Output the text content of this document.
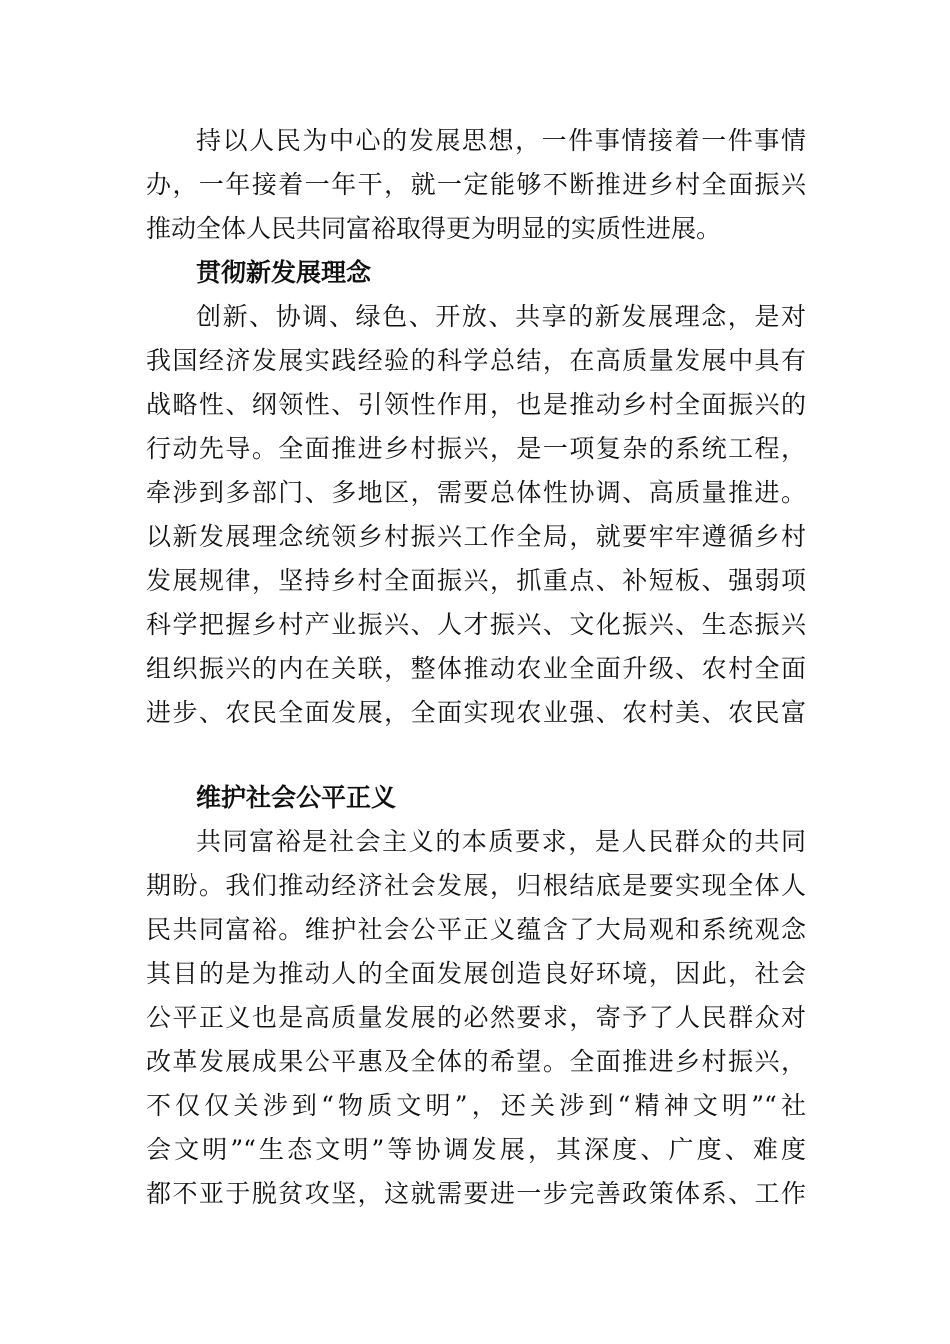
持以人民为中心的发展思想，一件事情接着一件事情
办，一年接着一年干，就一定能够不断推进乡村全面振兴
推动全体人民共同富裕取得更为明显的实质性进展。
贯彻新发展理念
创新、协调、绿色、开放、共享的新发展理念，是对
我国经济发展实践经验的科学总结，在高质量发展中具有
战略性、纲领性、引领性作用，也是推动乡村全面振兴的
行动先导。全面推进乡村振兴，是一项复杂的系统工程，
牵涉到多部门、多地区，需要总体性协调、高质量推进。
以新发展理念统领乡村振兴工作全局，就要牢牢遵循乡村
发展规律，坚持乡村全面振兴，抓重点、补短板、强弱项
科学把握乡村产业振兴、人才振兴、文化振兴、生态振兴
组织振兴的内在关联，整体推动农业全面升级、农村全面
进步、农民全面发展，全面实现农业强、农村美、农民富
维护社会公平正义
共同富裕是社会主义的本质要求，是人民群众的共同
期盼。我们推动经济社会发展，归根结底是要实现全体人
民共同富裕。维护社会公平正义蕴含了大局观和系统观念
其目的是为推动人的全面发展创造良好环境，因此，社会
公平正义也是高质量发展的必然要求，寄予了人民群众对
改革发展成果公平惠及全体的希望。全面推进乡村振兴，
不仅仅关涉到“物质文明”，还关涉到“精神文明”“社
会文明”“生态文明”等协调发展，其深度、广度、难度
都不亚于脱贫攻坚，这就需要进一步完善政策体系、工作
